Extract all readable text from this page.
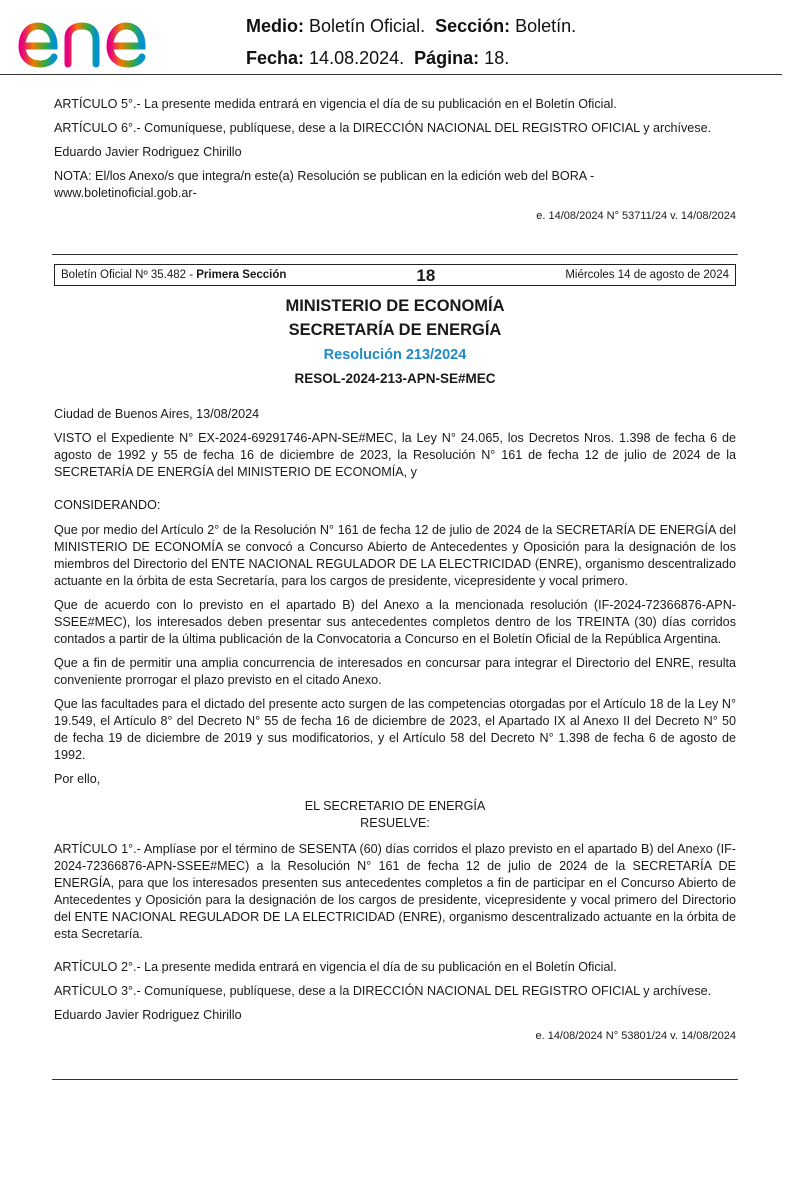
Medio: Boletín Oficial. Sección: Boletín.
Fecha: 14.08.2024. Página: 18.

ARTÍCULO 5°.- La presente medida entrará en vigencia el día de su publicación en el Boletín Oficial.

ARTÍCULO 6°.- Comuníquese, publíquese, dese a la DIRECCIÓN NACIONAL DEL REGISTRO OFICIAL y archívese.

Eduardo Javier Rodriguez Chirillo

NOTA: El/los Anexo/s que integra/n este(a) Resolución se publican en la edición web del BORA -www.boletinoficial.gob.ar-

e. 14/08/2024 N° 53711/24 v. 14/08/2024
Boletín Oficial Nº 35.482 - Primera Sección	18	Miércoles 14 de agosto de 2024
MINISTERIO DE ECONOMÍA
SECRETARÍA DE ENERGÍA
Resolución 213/2024
RESOL-2024-213-APN-SE#MEC

Ciudad de Buenos Aires, 13/08/2024

VISTO el Expediente N° EX-2024-69291746-APN-SE#MEC, la Ley N° 24.065, los Decretos Nros. 1.398 de fecha 6 de agosto de 1992 y 55 de fecha 16 de diciembre de 2023, la Resolución N° 161 de fecha 12 de julio de 2024 de la SECRETARÍA DE ENERGÍA del MINISTERIO DE ECONOMÍA, y

CONSIDERANDO:

Que por medio del Artículo 2° de la Resolución N° 161 de fecha 12 de julio de 2024 de la SECRETARÍA DE ENERGÍA del MINISTERIO DE ECONOMÍA se convocó a Concurso Abierto de Antecedentes y Oposición para la designación de los miembros del Directorio del ENTE NACIONAL REGULADOR DE LA ELECTRICIDAD (ENRE), organismo descentralizado actuante en la órbita de esta Secretaría, para los cargos de presidente, vicepresidente y vocal primero.

Que de acuerdo con lo previsto en el apartado B) del Anexo a la mencionada resolución (IF-2024-72366876-APN-SSEE#MEC), los interesados deben presentar sus antecedentes completos dentro de los TREINTA (30) días corridos contados a partir de la última publicación de la Convocatoria a Concurso en el Boletín Oficial de la República Argentina.

Que a fin de permitir una amplia concurrencia de interesados en concursar para integrar el Directorio del ENRE, resulta conveniente prorrogar el plazo previsto en el citado Anexo.

Que las facultades para el dictado del presente acto surgen de las competencias otorgadas por el Artículo 18 de la Ley N° 19.549, el Artículo 8° del Decreto N° 55 de fecha 16 de diciembre de 2023, el Apartado IX al Anexo II del Decreto N° 50 de fecha 19 de diciembre de 2019 y sus modificatorios, y el Artículo 58 del Decreto N° 1.398 de fecha 6 de agosto de 1992.

Por ello,

EL SECRETARIO DE ENERGÍA
RESUELVE:

ARTÍCULO 1°.- Amplíase por el término de SESENTA (60) días corridos el plazo previsto en el apartado B) del Anexo (IF-2024-72366876-APN-SSEE#MEC) a la Resolución N° 161 de fecha 12 de julio de 2024 de la SECRETARÍA DE ENERGÍA, para que los interesados presenten sus antecedentes completos a fin de participar en el Concurso Abierto de Antecedentes y Oposición para la designación de los cargos de presidente, vicepresidente y vocal primero del Directorio del ENTE NACIONAL REGULADOR DE LA ELECTRICIDAD (ENRE), organismo descentralizado actuante en la órbita de esta Secretaría.

ARTÍCULO 2°.- La presente medida entrará en vigencia el día de su publicación en el Boletín Oficial.

ARTÍCULO 3°.- Comuníquese, publíquese, dese a la DIRECCIÓN NACIONAL DEL REGISTRO OFICIAL y archívese.

Eduardo Javier Rodriguez Chirillo

e. 14/08/2024 N° 53801/24 v. 14/08/2024
